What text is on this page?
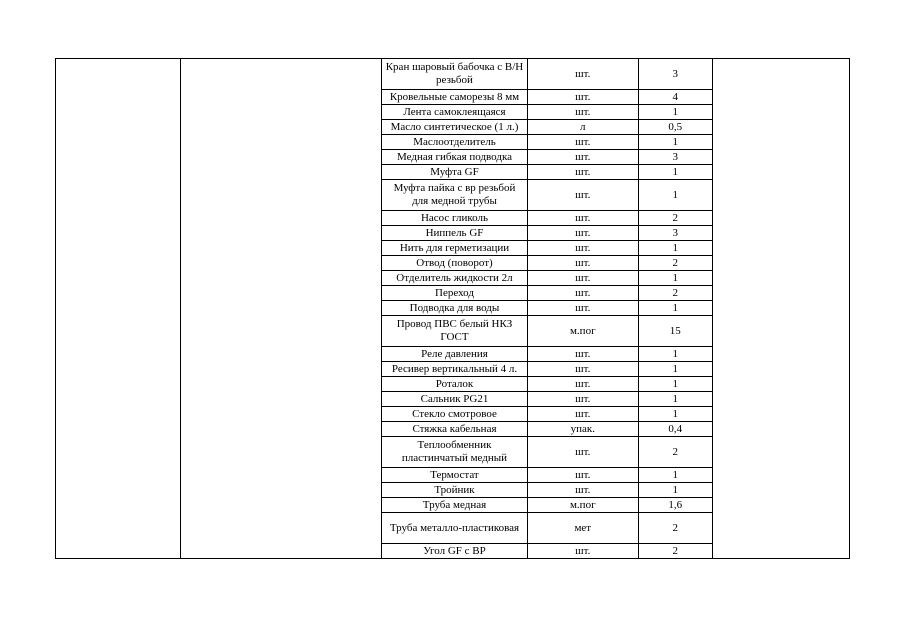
		Кран шаровый бабочка с В/Н резьбой	шт.	3	
		Кровельные саморезы 8 мм	шт.	4	
		Лента самоклеящаяся	шт.	1	
		Масло синтетическое (1 л.)	л	0,5	
		Маслоотделитель	шт.	1	
		Медная гибкая подводка	шт.	3	
		Муфта GF	шт.	1	
		Муфта пайка с вр резьбой для медной трубы	шт.	1	
		Насос гликоль	шт.	2	
		Ниппель GF	шт.	3	
		Нить для герметизации	шт.	1	
		Отвод (поворот)	шт.	2	
		Отделитель жидкости 2л	шт.	1	
		Переход	шт.	2	
		Подводка для воды	шт.	1	
		Провод ПВС белый НКЗ ГОСТ	м.пог	15	
		Реле давления	шт.	1	
		Ресивер вертикальный 4 л.	шт.	1	
		Роталок	шт.	1	
		Сальник PG21	шт.	1	
		Стекло смотровое	шт.	1	
		Стяжка кабельная	упак.	0,4	
		Теплообменник пластинчатый медный	шт.	2	
		Термостат	шт.	1	
		Тройник	шт.	1	
		Труба медная	м.пог	1,6	
		Труба металло-пластиковая	мет	2	
		Угол GF с ВР	шт.	2	
